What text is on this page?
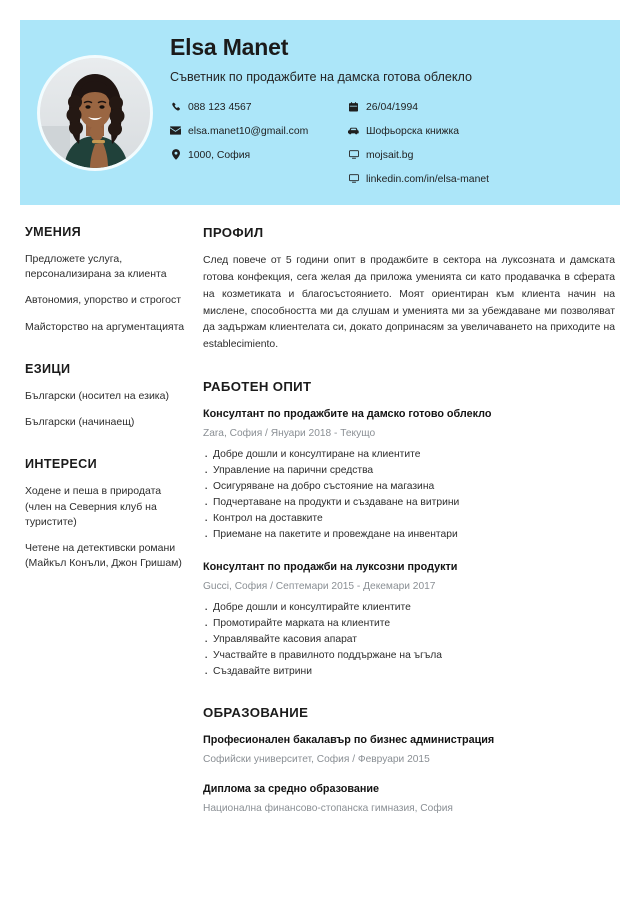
Elsa Manet
Съветник по продажбите на дамска готова облекло
088 123 4567
elsa.manet10@gmail.com
1000, София
26/04/1994
Шофьорска книжка
mojsait.bg
linkedin.com/in/elsa-manet
УМЕНИЯ
Предложете услуга, персонализирана за клиента
Автономия, упорство и строгост
Майсторство на аргументацията
ЕЗИЦИ
Български (носител на езика)
Български (начинаещ)
ИНТЕРЕСИ
Ходене и пеша в природата (член на Северния клуб на туристите)
Четене на детективски романи (Майкъл Конъли, Джон Гришам)
ПРОФИЛ
След повече от 5 години опит в продажбите в сектора на луксозната и дамската готова конфекция, сега желая да приложа уменията си като продавачка в сферата на козметиката и благосъстоянието. Моят ориентиран към клиента начин на мислене, способността ми да слушам и уменията ми за убеждаване ми позволяват да задържам клиентелата си, докато допринасям за увеличаването на приходите на establecimiento.
РАБОТЕН ОПИТ
Консултант по продажбите на дамско готово облекло
Zara, София / Януари 2018 - Текущо
· Добре дошли и консултиране на клиентите
· Управление на парични средства
· Осигуряване на добро състояние на магазина
· Подчертаване на продукти и създаване на витрини
· Контрол на доставките
· Приемане на пакетите и провеждане на инвентари
Консултант по продажби на луксозни продукти
Gucci, София / Септемари 2015 - Декемари 2017
· Добре дошли и консултирайте клиентите
· Промотирайте марката на клиентите
· Управлявайте касовия апарат
· Участвайте в правилното поддържане на ъгъла
· Създавайте витрини
ОБРАЗОВАНИЕ
Професионален бакалавър по бизнес администрация
Софийски университет, София / Февруари 2015
Диплома за средно образование
Националнa финансово-стопанска гимназия, София
